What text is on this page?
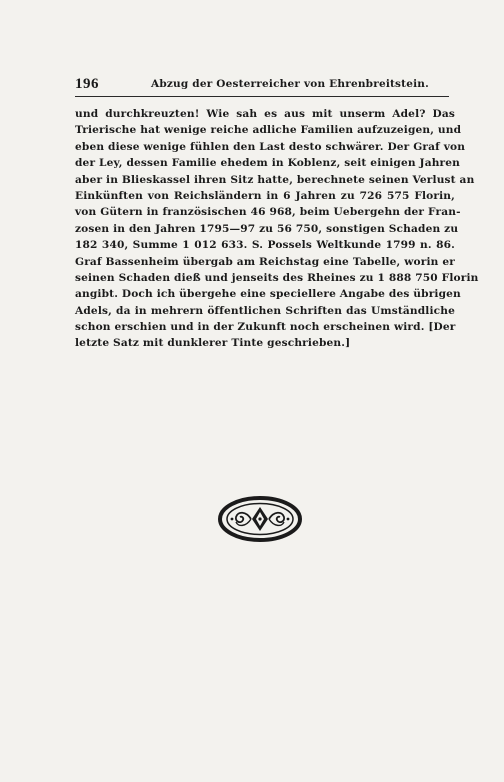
196	Abzug der Oesterreicher von Ehrenbreitstein.
und durchkreuzten! Wie sah es aus mit unserm Adel? Das
Trierische hat wenige reiche adliche Familien aufzuzeigen, und
eben diese wenige fühlen den Last desto schwärer. Der Graf von
der Ley, dessen Familie ehedem in Koblenz, seit einigen Jahren
aber in Blieskassel ihren Sitz hatte, berechnete seinen Verlust an
Einkünften von Reichsländern in 6 Jahren zu 726 575 Florin,
von Gütern in französischen 46 968, beim Uebergehn der Fran-
zosen in den Jahren 1795—97 zu 56 750, sonstigen Schaden zu
182 340, Summe 1 012 633. S. Possels Weltkunde 1799 n. 86.
Graf Bassenheim übergab am Reichstag eine Tabelle, worin er
seinen Schaden dieß und jenseits des Rheines zu 1 888 750 Florin
angibt. Doch ich übergehe eine speciellere Angabe des übrigen
Adels, da in mehrern öffentlichen Schriften das Umständliche
schon erschien und in der Zukunft noch erscheinen wird. [Der
letzte Satz mit dunklerer Tinte geschrieben.]
